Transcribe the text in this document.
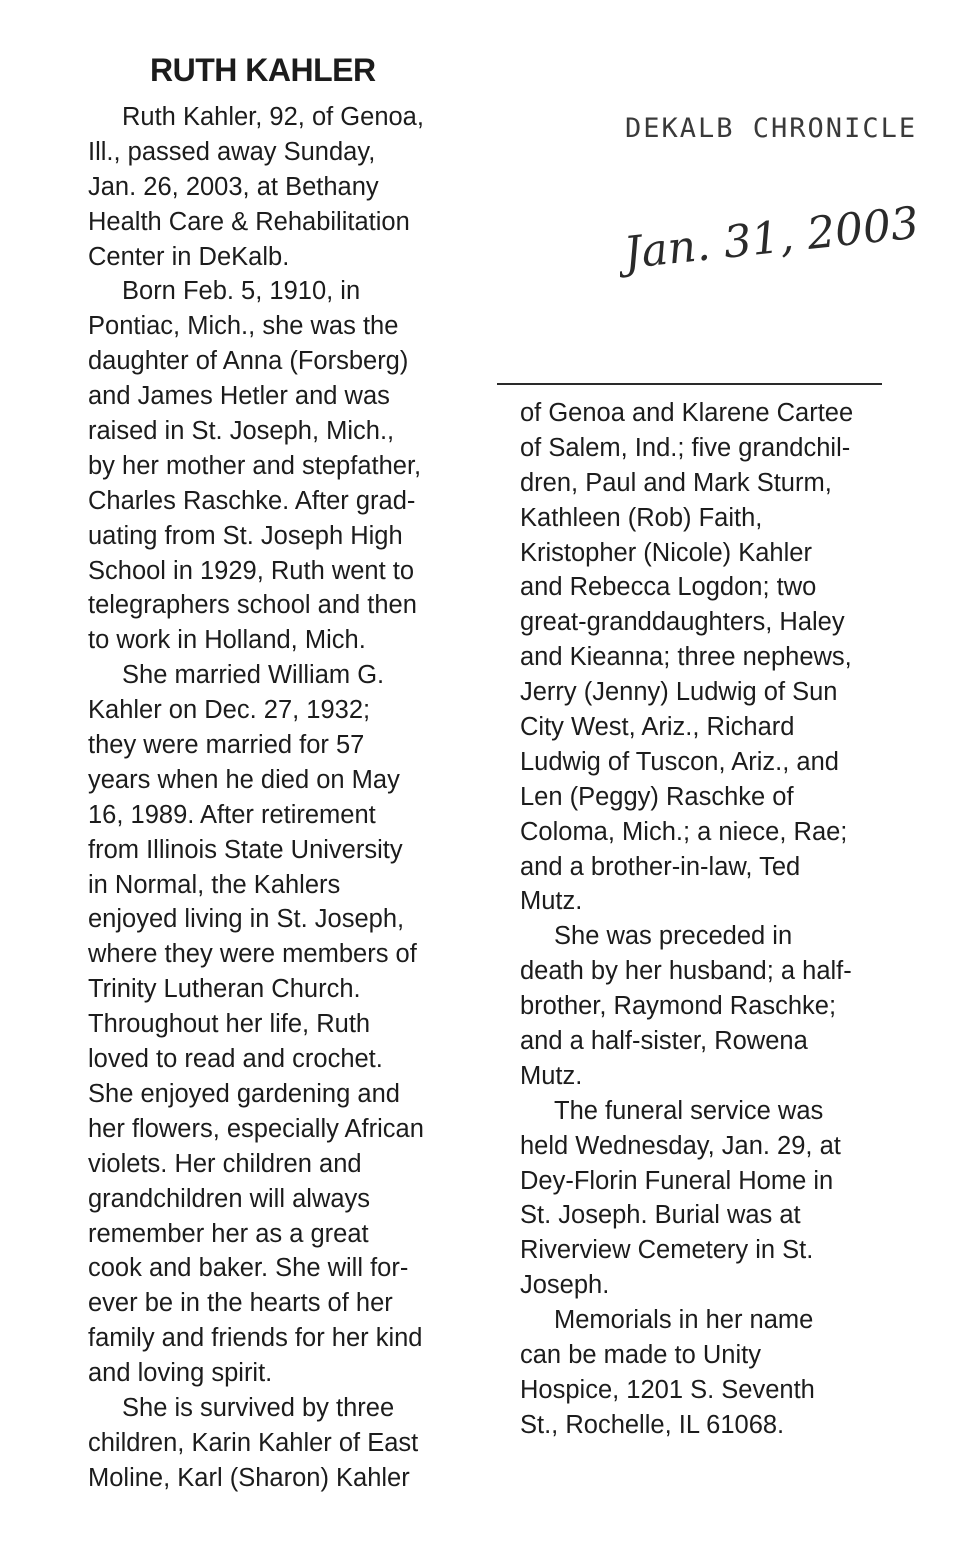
RUTH KAHLER
DEKALB CHRONICLE
Jan. 31, 2003
Ruth Kahler, 92, of Genoa,
Ill., passed away Sunday,
Jan. 26, 2003, at Bethany
Health Care & Rehabilitation
Center in DeKalb.
Born Feb. 5, 1910, in
Pontiac, Mich., she was the
daughter of Anna (Forsberg)
and James Hetler and was
raised in St. Joseph, Mich.,
by her mother and stepfather,
Charles Raschke. After grad-
uating from St. Joseph High
School in 1929, Ruth went to
telegraphers school and then
to work in Holland, Mich.
She married William G.
Kahler on Dec. 27, 1932;
they were married for 57
years when he died on May
16, 1989. After retirement
from Illinois State University
in Normal, the Kahlers
enjoyed living in St. Joseph,
where they were members of
Trinity Lutheran Church.
Throughout her life, Ruth
loved to read and crochet.
She enjoyed gardening and
her flowers, especially African
violets. Her children and
grandchildren will always
remember her as a great
cook and baker. She will for-
ever be in the hearts of her
family and friends for her kind
and loving spirit.
She is survived by three
children, Karin Kahler of East
Moline, Karl (Sharon) Kahler
of Genoa and Klarene Cartee
of Salem, Ind.; five grandchil-
dren, Paul and Mark Sturm,
Kathleen (Rob) Faith,
Kristopher (Nicole) Kahler
and Rebecca Logdon; two
great-granddaughters, Haley
and Kieanna; three nephews,
Jerry (Jenny) Ludwig of Sun
City West, Ariz., Richard
Ludwig of Tuscon, Ariz., and
Len (Peggy) Raschke of
Coloma, Mich.; a niece, Rae;
and a brother-in-law, Ted
Mutz.
She was preceded in
death by her husband; a half-
brother, Raymond Raschke;
and a half-sister, Rowena
Mutz.
The funeral service was
held Wednesday, Jan. 29, at
Dey-Florin Funeral Home in
St. Joseph. Burial was at
Riverview Cemetery in St.
Joseph.
Memorials in her name
can be made to Unity
Hospice, 1201 S. Seventh
St., Rochelle, IL 61068.
